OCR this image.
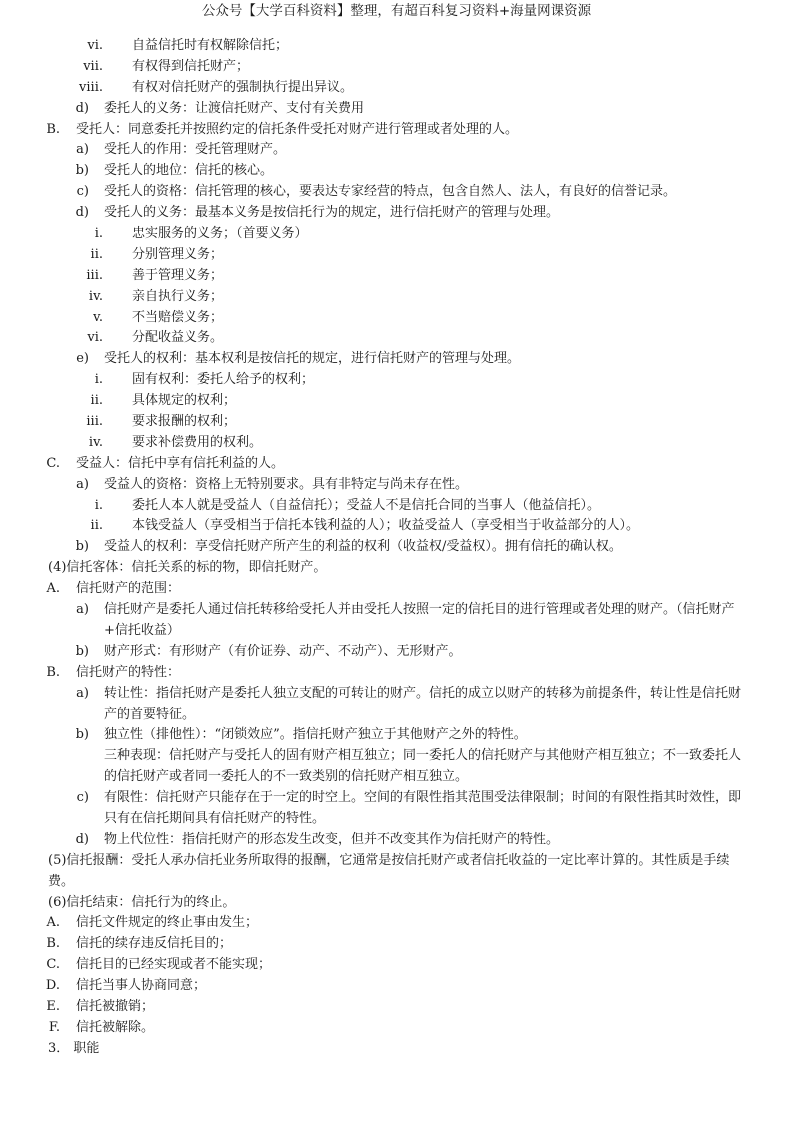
公众号【大学百科资料】整理，有超百科复习资料+海量网课资源
vi. 自益信托时有权解除信托；
vii. 有权得到信托财产；
viii. 有权对信托财产的强制执行提出异议。
d) 委托人的义务：让渡信托财产、支付有关费用
B. 受托人：同意委托并按照约定的信托条件受托对财产进行管理或者处理的人。
a) 受托人的作用：受托管理财产。
b) 受托人的地位：信托的核心。
c) 受托人的资格：信托管理的核心，要表达专家经营的特点，包含自然人、法人，有良好的信誉记录。
d) 受托人的义务：最基本义务是按信托行为的规定，进行信托财产的管理与处理。
i. 忠实服务的义务；（首要义务）
ii. 分别管理义务；
iii. 善于管理义务；
iv. 亲自执行义务；
v. 不当赔偿义务；
vi. 分配收益义务。
e) 受托人的权利：基本权利是按信托的规定，进行信托财产的管理与处理。
i. 固有权利：委托人给予的权利；
ii. 具体规定的权利；
iii. 要求报酬的权利；
iv. 要求补偿费用的权利。
C. 受益人：信托中享有信托利益的人。
a) 受益人的资格：资格上无特别要求。具有非特定与尚未存在性。
i. 委托人本人就是受益人（自益信托）；受益人不是信托合同的当事人（他益信托）。
ii. 本钱受益人（享受相当于信托本钱利益的人）；收益受益人（享受相当于收益部分的人）。
b) 受益人的权利：享受信托财产所产生的利益的权利（收益权/受益权）。拥有信托的确认权。
(4)信托客体：信托关系的标的物，即信托财产。
A. 信托财产的范围：
a) 信托财产是委托人通过信托转移给受托人并由受托人按照一定的信托目的进行管理或者处理的财产。（信托财产+信托收益）
b) 财产形式：有形财产（有价证券、动产、不动产）、无形财产。
B. 信托财产的特性：
a) 转让性：指信托财产是委托人独立支配的可转让的财产。信托的成立以财产的转移为前提条件，转让性是信托财产的首要特征。
b) 独立性（排他性）：“闭锁效应”。指信托财产独立于其他财产之外的特性。
三种表现：信托财产与受托人的固有财产相互独立；同一委托人的信托财产与其他财产相互独立；不一致委托人的信托财产或者同一委托人的不一致类别的信托财产相互独立。
c) 有限性：信托财产只能存在于一定的时空上。空间的有限性指其范围受法律限制；时间的有限性指其时效性，即只有在信托期间具有信托财产的特性。
d) 物上代位性：指信托财产的形态发生改变，但并不改变其作为信托财产的特性。
(5)信托报酬：受托人承办信托业务所取得的报酬，它通常是按信托财产或者信托收益的一定比率计算的。其性质是手续费。
(6)信托结束：信托行为的终止。
A. 信托文件规定的终止事由发生；
B. 信托的续存违反信托目的；
C. 信托目的已经实现或者不能实现；
D. 信托当事人协商同意；
E. 信托被撤销；
F. 信托被解除。
3． 职能
